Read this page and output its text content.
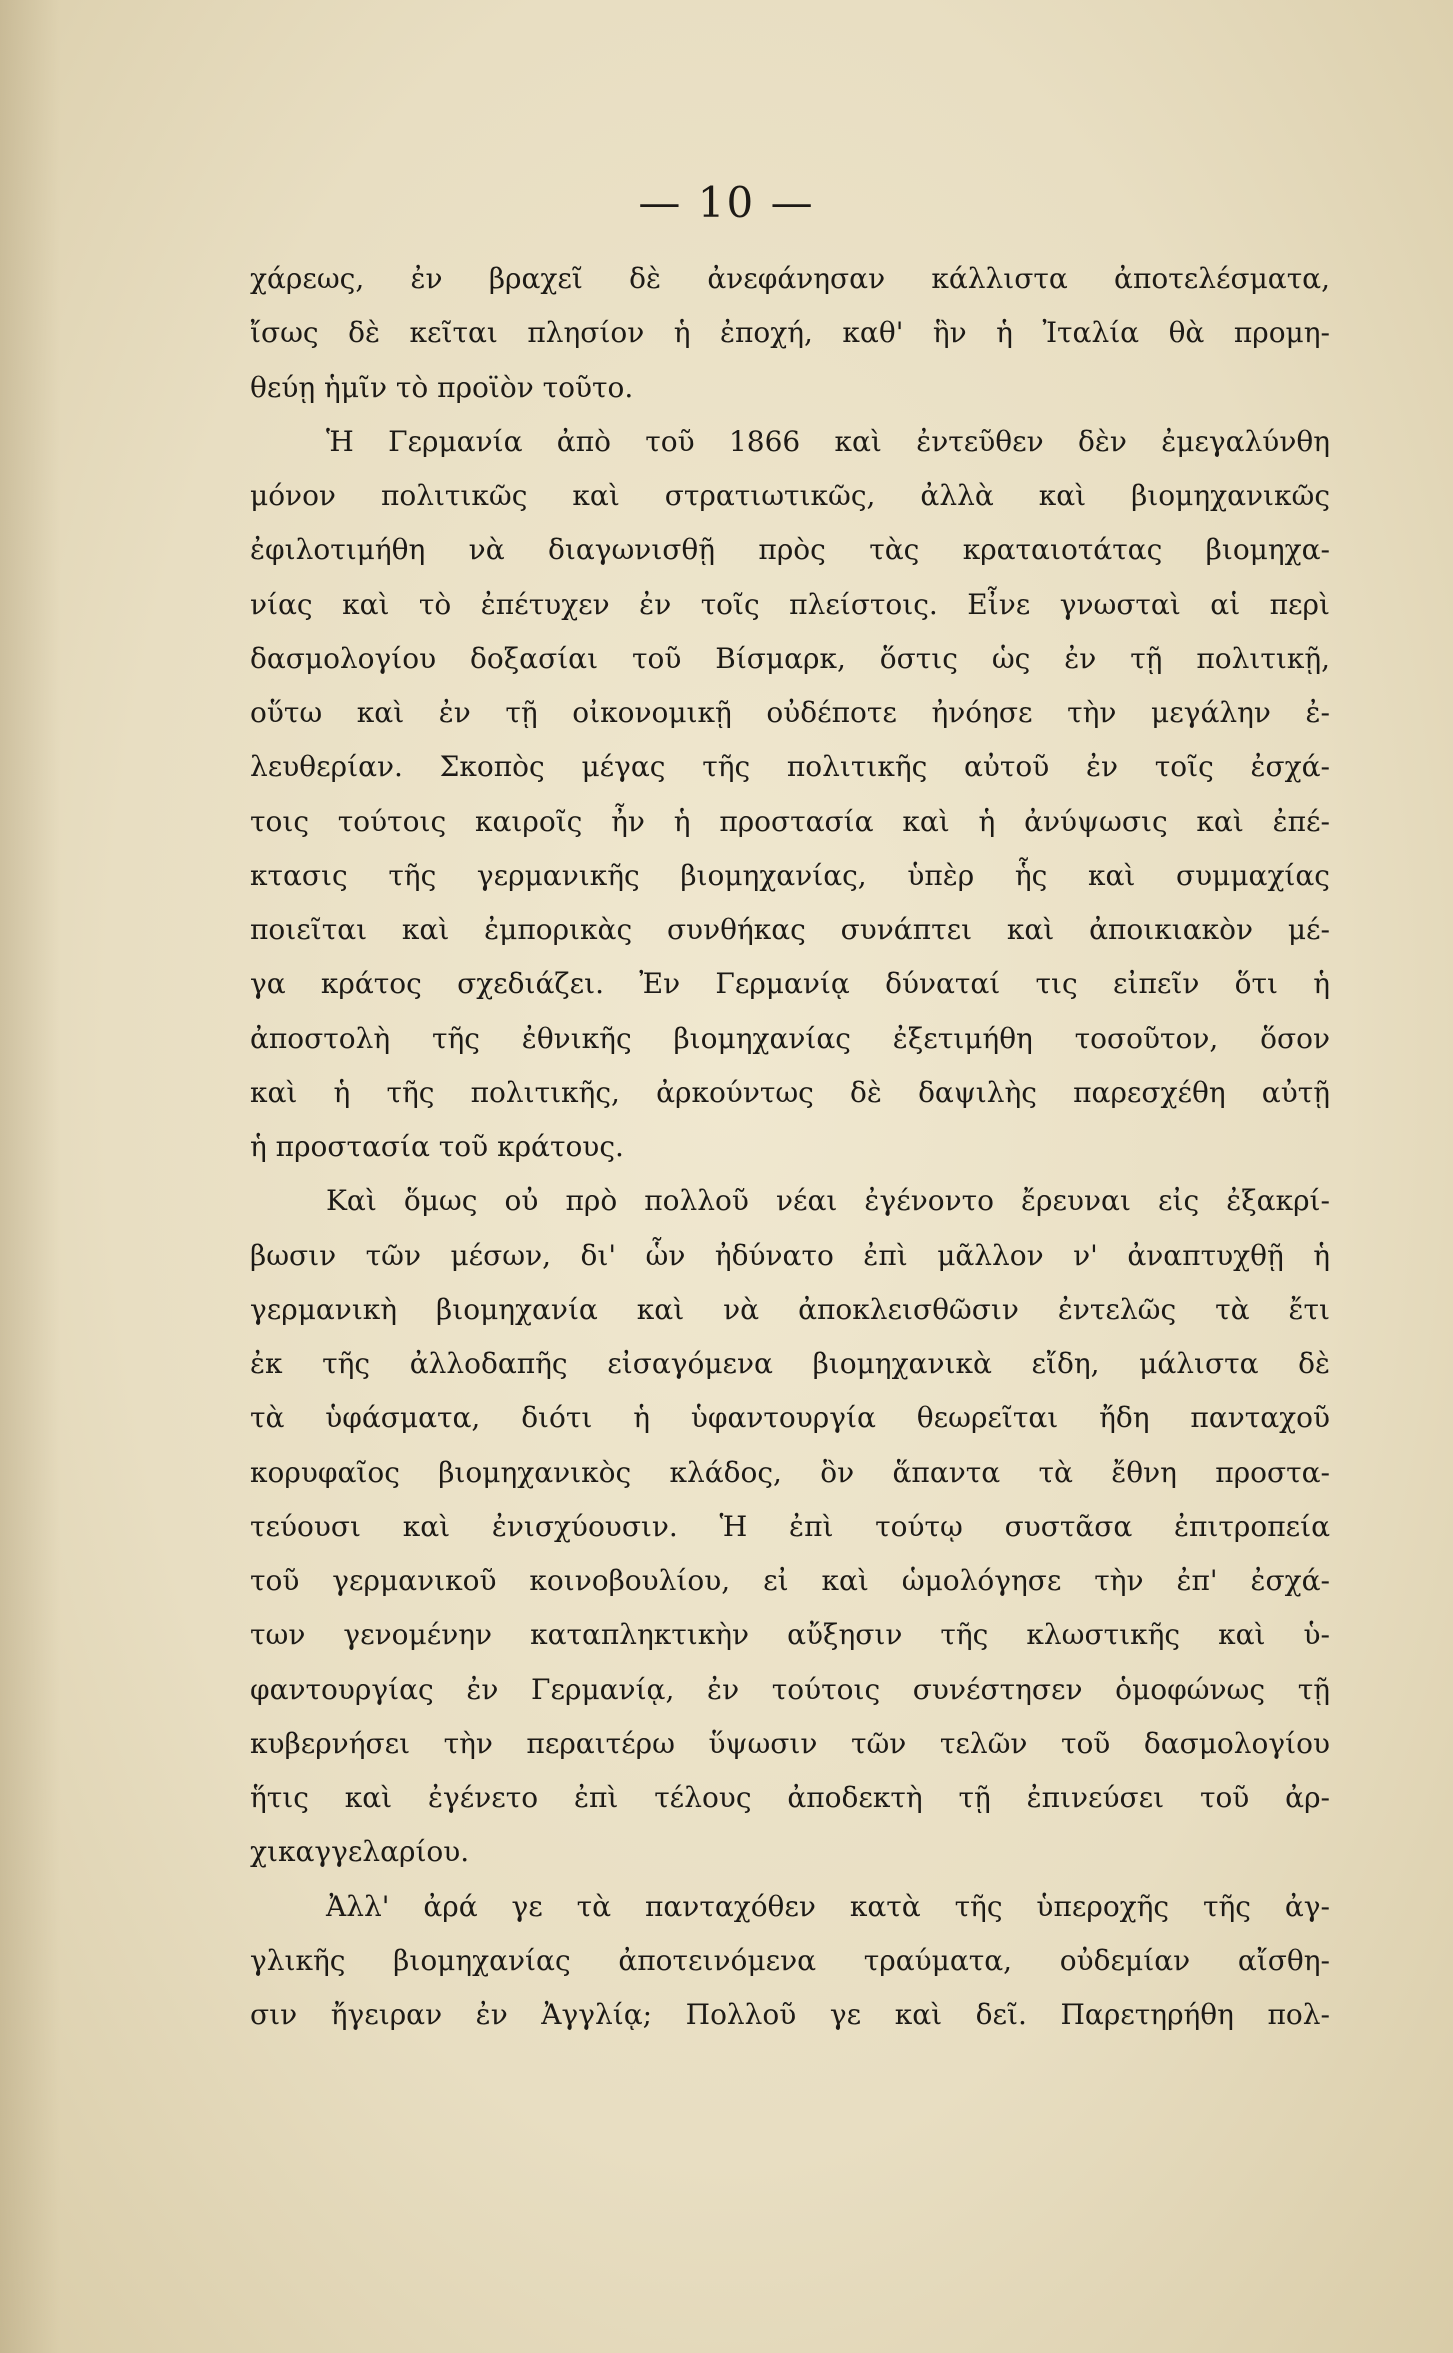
— 10 —
χάρεως, ἐν βραχεῖ δὲ ἀνεφάνησαν κάλλιστα ἀποτελέσματα,
ἴσως δὲ κεῖται πλησίον ἡ ἐποχή, καθ' ἣν ἡ Ἰταλία θὰ προμη-
θεύῃ ἡμῖν τὸ προϊὸν τοῦτο.
Ἡ Γερμανία ἀπὸ τοῦ 1866 καὶ ἐντεῦθεν δὲν ἐμεγαλύνθη
μόνον πολιτικῶς καὶ στρατιωτικῶς, ἀλλὰ καὶ βιομηχανικῶς
ἐφιλοτιμήθη νὰ διαγωνισθῇ πρὸς τὰς κραταιοτάτας βιομηχα-
νίας καὶ τὸ ἐπέτυχεν ἐν τοῖς πλείστοις. Εἶνε γνωσταὶ αἱ περὶ
δασμολογίου δοξασίαι τοῦ Βίσμαρκ, ὅστις ὡς ἐν τῇ πολιτικῇ,
οὕτω καὶ ἐν τῇ οἰκονομικῇ οὐδέποτε ἠνόησε τὴν μεγάλην ἐ-
λευθερίαν. Σκοπὸς μέγας τῆς πολιτικῆς αὐτοῦ ἐν τοῖς ἐσχά-
τοις τούτοις καιροῖς ἦν ἡ προστασία καὶ ἡ ἀνύψωσις καὶ ἐπέ-
κτασις τῆς γερμανικῆς βιομηχανίας, ὑπὲρ ἧς καὶ συμμαχίας
ποιεῖται καὶ ἐμπορικὰς συνθήκας συνάπτει καὶ ἀποικιακὸν μέ-
γα κράτος σχεδιάζει. Ἐν Γερμανίᾳ δύναταί τις εἰπεῖν ὅτι ἡ
ἀποστολὴ τῆς ἐθνικῆς βιομηχανίας ἐξετιμήθη τοσοῦτον, ὅσον
καὶ ἡ τῆς πολιτικῆς, ἀρκούντως δὲ δαψιλὴς παρεσχέθη αὐτῇ
ἡ προστασία τοῦ κράτους.
Καὶ ὅμως οὐ πρὸ πολλοῦ νέαι ἐγένοντο ἔρευναι εἰς ἐξακρί-
βωσιν τῶν μέσων, δι' ὧν ἠδύνατο ἐπὶ μᾶλλον ν' ἀναπτυχθῇ ἡ
γερμανικὴ βιομηχανία καὶ νὰ ἀποκλεισθῶσιν ἐντελῶς τὰ ἔτι
ἐκ τῆς ἀλλοδαπῆς εἰσαγόμενα βιομηχανικὰ εἴδη, μάλιστα δὲ
τὰ ὑφάσματα, διότι ἡ ὑφαντουργία θεωρεῖται ἤδη πανταχοῦ
κορυφαῖος βιομηχανικὸς κλάδος, ὃν ἅπαντα τὰ ἔθνη προστα-
τεύουσι καὶ ἐνισχύουσιν. Ἡ ἐπὶ τούτῳ συστᾶσα ἐπιτροπεία
τοῦ γερμανικοῦ κοινοβουλίου, εἰ καὶ ὡμολόγησε τὴν ἐπ' ἐσχά-
των γενομένην καταπληκτικὴν αὔξησιν τῆς κλωστικῆς καὶ ὑ-
φαντουργίας ἐν Γερμανίᾳ, ἐν τούτοις συνέστησεν ὁμοφώνως τῇ
κυβερνήσει τὴν περαιτέρω ὕψωσιν τῶν τελῶν τοῦ δασμολογίου
ἥτις καὶ ἐγένετο ἐπὶ τέλους ἀποδεκτὴ τῇ ἐπινεύσει τοῦ ἀρ-
χικαγγελαρίου.
Ἀλλ' ἀρά γε τὰ πανταχόθεν κατὰ τῆς ὑπεροχῆς τῆς ἀγ-
γλικῆς βιομηχανίας ἀποτεινόμενα τραύματα, οὐδεμίαν αἴσθη-
σιν ἤγειραν ἐν Ἀγγλίᾳ; Πολλοῦ γε καὶ δεῖ. Παρετηρήθη πολ-
